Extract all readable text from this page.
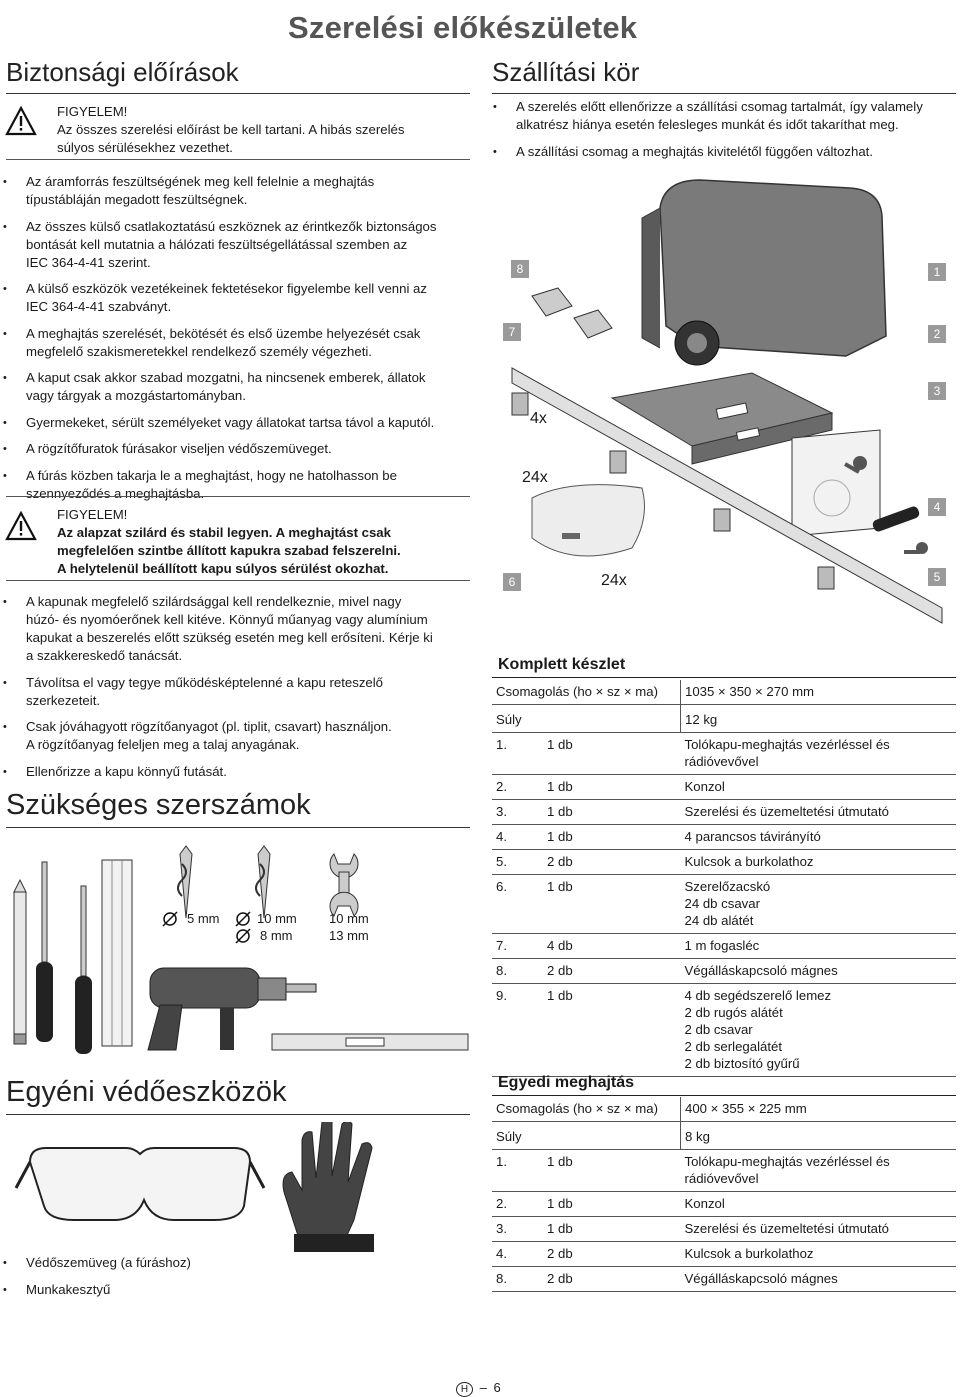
Szerelési előkészületek
Biztonsági előírások
FIGYELEM!
Az összes szerelési előírást be kell tartani. A hibás szerelés
súlyos sérülésekhez vezethet.
• Az áramforrás feszültségének meg kell felelnie a meghajtás
típustábláján megadott feszültségnek.
• Az összes külső csatlakoztatású eszköznek az érintkezők biztonságos
bontását kell mutatnia a hálózati feszültségellátással szemben az
IEC 364-4-41 szerint.
• A külső eszközök vezetékeinek fektetésekor figyelembe kell venni az
IEC 364-4-41 szabványt.
• A meghajtás szerelését, bekötését és első üzembe helyezését csak
megfelelő szakismeretekkel rendelkező személy végezheti.
• A kaput csak akkor szabad mozgatni, ha nincsenek emberek, állatok
vagy tárgyak a mozgástartományban.
• Gyermekeket, sérült személyeket vagy állatokat tartsa távol a kaputól.
• A rögzítőfuratok fúrásakor viseljen védőszemüveget.
• A fúrás közben takarja le a meghajtást, hogy ne hatolhasson be
szennyeződés a meghajtásba.
FIGYELEM!
Az alapzat szilárd és stabil legyen. A meghajtást csak
megfelelően szintbe állított kapukra szabad felszerelni.
A helytelenül beállított kapu súlyos sérülést okozhat.
• A kapunak megfelelő szilárdsággal kell rendelkeznie, mivel nagy
húzó- és nyomóerőnek kell kitéve. Könnyű műanyag vagy alumínium
kapukat a beszerelés előtt szükség esetén meg kell erősíteni. Kérje ki
a szakkereskedő tanácsát.
• Távolítsa el vagy tegye működésképtelenné a kapu reteszelő
szerkezeteit.
• Csak jóváhagyott rögzítőanyagot (pl. tiplit, csavart) használjon.
A rögzítőanyag feleljen meg a talaj anyagának.
• Ellenőrizze a kapu könnyű futását.
Szükséges szerszámok
5 mm	10 mm
8 mm
10 mm
13 mm
Egyéni védőeszközök
• Védőszemüveg (a fúráshoz)
• Munkakesztyű
Szállítási kör
• A szerelés előtt ellenőrizze a szállítási csomag tartalmát, így valamely
alkatrész hiánya esetén felesleges munkát és időt takaríthat meg.
• A szállítási csomag a meghajtás kivitelétől függően változhat.
8	1
7	2
3
4
5
6
4x
24x
24x
Komplett készlet
Csomagolás (ho × sz × ma)		1035 × 350 × 270 mm
Súly		12 kg
1.	1 db	Tolókapu-meghajtás vezérléssel és rádióvevővel

2.	1 db	Konzol

3.	1 db	Szerelési és üzemeltetési útmutató

4.	1 db	4 parancsos távirányító

5.	2 db	Kulcsok a burkolathoz

6.	1 db	Szerelőzacskó
24 db csavar
24 db alátét

7.	4 db	1 m fogasléc

8.	2 db	Végálláskapcsoló mágnes

9.	1 db	4 db segédszerelő lemez
2 db rugós alátét
2 db csavar
2 db serlegalátét
2 db biztosító gyűrű
Egyedi meghajtás
Csomagolás (ho × sz × ma)		400 × 355 × 225 mm
Súly		8 kg
1.	1 db	Tolókapu-meghajtás vezérléssel és rádióvevővel

2.	1 db	Konzol

3.	1 db	Szerelési és üzemeltetési útmutató

4.	2 db	Kulcsok a burkolathoz

8.	2 db	Végálláskapcsoló mágnes
H – 6
